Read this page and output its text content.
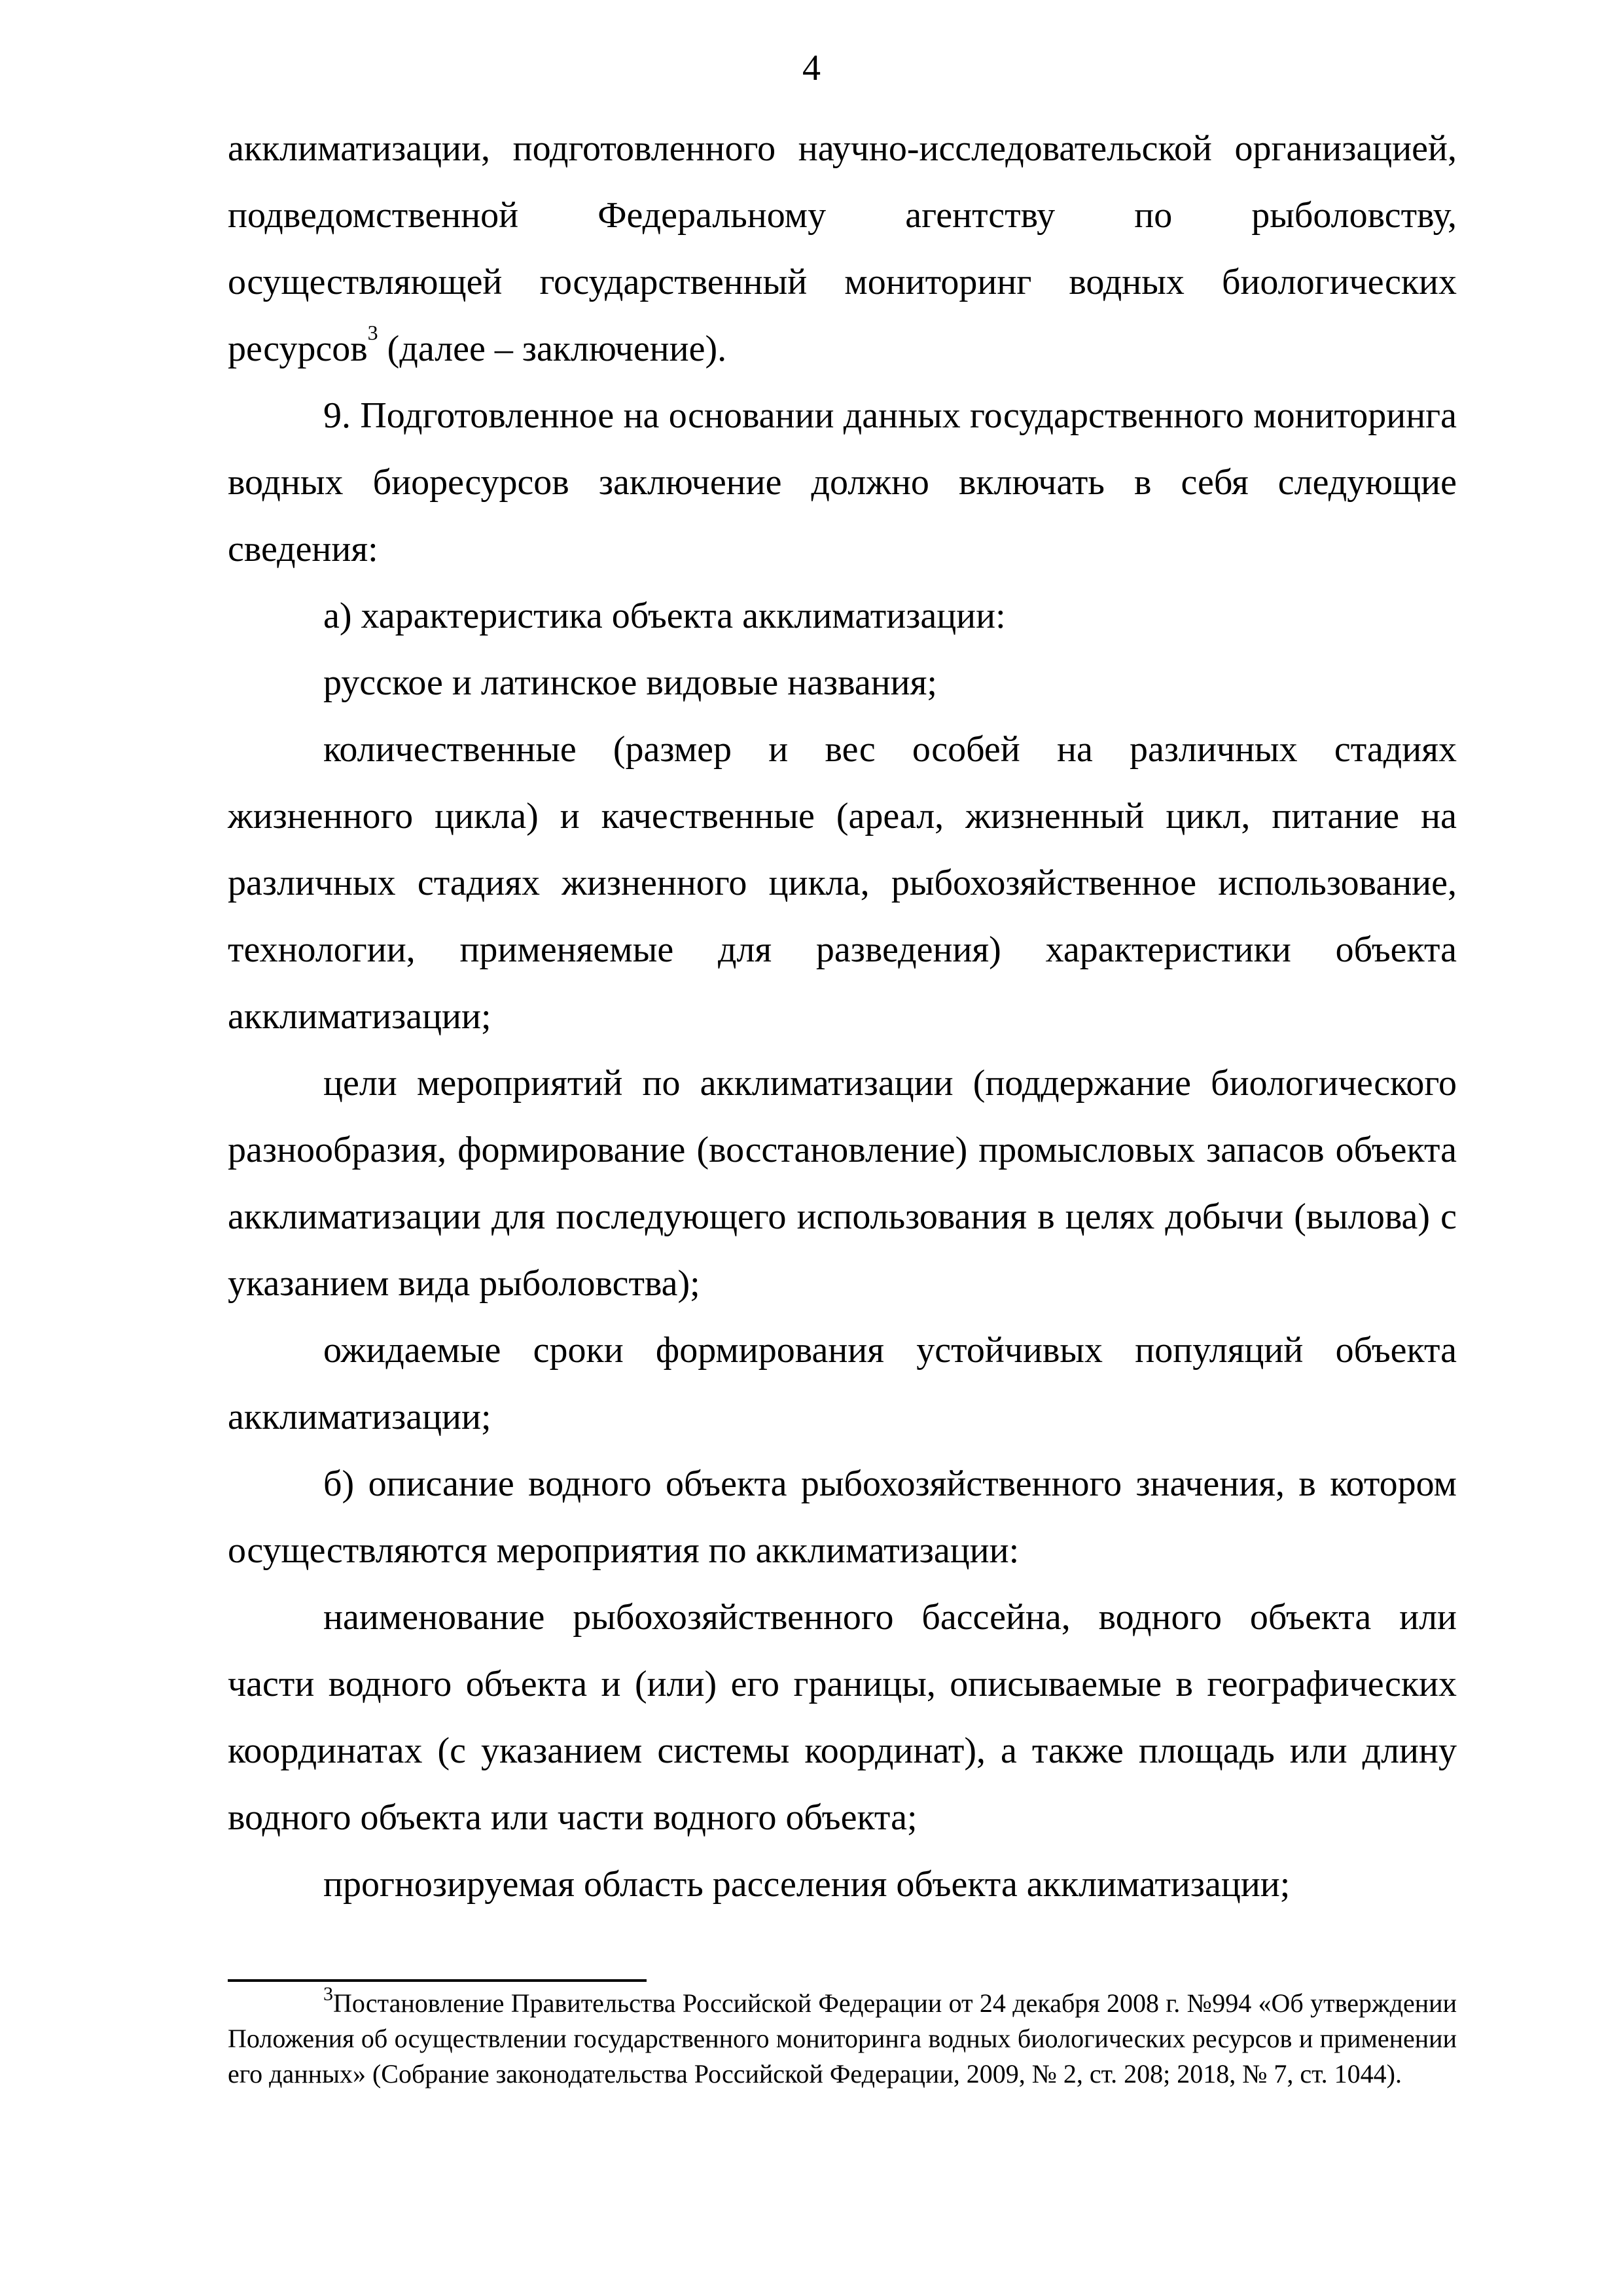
4

акклиматизации, подготовленного научно-исследовательской организацией, подведомственной Федеральному агентству по рыболовству, осуществляющей государственный мониторинг водных биологических ресурсов$^3$ (далее – заключение).

9. Подготовленное на основании данных государственного мониторинга водных биоресурсов заключение должно включать в себя следующие сведения:

а) характеристика объекта акклиматизации:

русское и латинское видовые названия;

количественные (размер и вес особей на различных стадиях жизненного цикла) и качественные (ареал, жизненный цикл, питание на различных стадиях жизненного цикла, рыбохозяйственное использование, технологии, применяемые для разведения) характеристики объекта акклиматизации;

цели мероприятий по акклиматизации (поддержание биологического разнообразия, формирование (восстановление) промысловых запасов объекта акклиматизации для последующего использования в целях добычи (вылова) с указанием вида рыболовства);

ожидаемые сроки формирования устойчивых популяций объекта акклиматизации;

б) описание водного объекта рыбохозяйственного значения, в котором осуществляются мероприятия по акклиматизации:

наименование рыбохозяйственного бассейна, водного объекта или части водного объекта и (или) его границы, описываемые в географических координатах (с указанием системы координат), а также площадь или длину водного объекта или части водного объекта;

прогнозируемая область расселения объекта акклиматизации;

$^3$Постановление Правительства Российской Федерации от 24 декабря 2008 г. №994 «Об утверждении Положения об осуществлении государственного мониторинга водных биологических ресурсов и применении его данных» (Собрание законодательства Российской Федерации, 2009, № 2, ст. 208; 2018, № 7, ст. 1044).
